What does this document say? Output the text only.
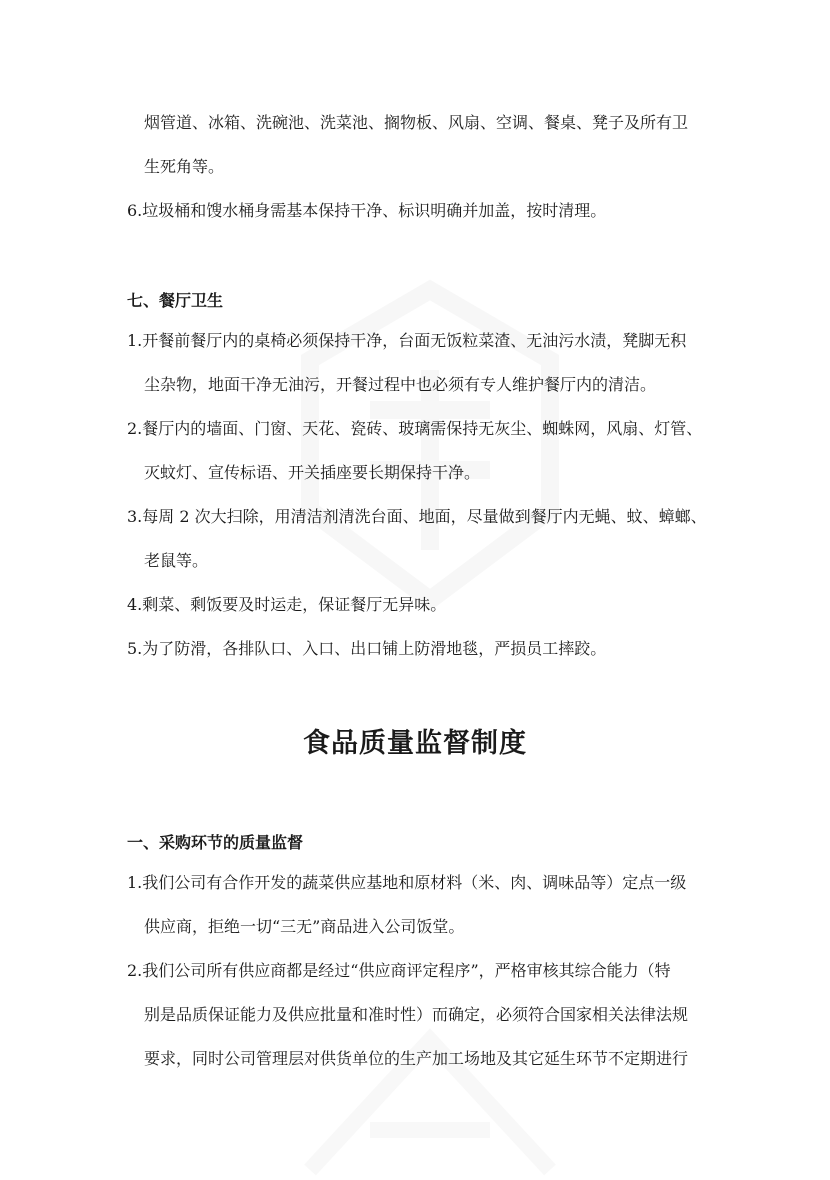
烟管道、冰箱、洗碗池、洗菜池、搁物板、风扇、空调、餐桌、凳子及所有卫
生死角等。

6.垃圾桶和馊水桶身需基本保持干净、标识明确并加盖，按时清理。

七、餐厅卫生

1.开餐前餐厅内的桌椅必须保持干净，台面无饭粒菜渣、无油污水渍，凳脚无积
尘杂物，地面干净无油污，开餐过程中也必须有专人维护餐厅内的清洁。

2.餐厅内的墙面、门窗、天花、瓷砖、玻璃需保持无灰尘、蜘蛛网，风扇、灯管、
灭蚊灯、宣传标语、开关插座要长期保持干净。

3.每周 2 次大扫除，用清洁剂清洗台面、地面，尽量做到餐厅内无蝇、蚊、蟑螂、
老鼠等。

4.剩菜、剩饭要及时运走，保证餐厅无异味。

5.为了防滑，各排队口、入口、出口铺上防滑地毯，严损员工摔跤。

食品质量监督制度
一、采购环节的质量监督

1.我们公司有合作开发的蔬菜供应基地和原材料（米、肉、调味品等）定点一级
供应商，拒绝一切“三无”商品进入公司饭堂。

2.我们公司所有供应商都是经过“供应商评定程序”，严格审核其综合能力（特
别是品质保证能力及供应批量和准时性）而确定，必须符合国家相关法律法规
要求，同时公司管理层对供货单位的生产加工场地及其它延生环节不定期进行
